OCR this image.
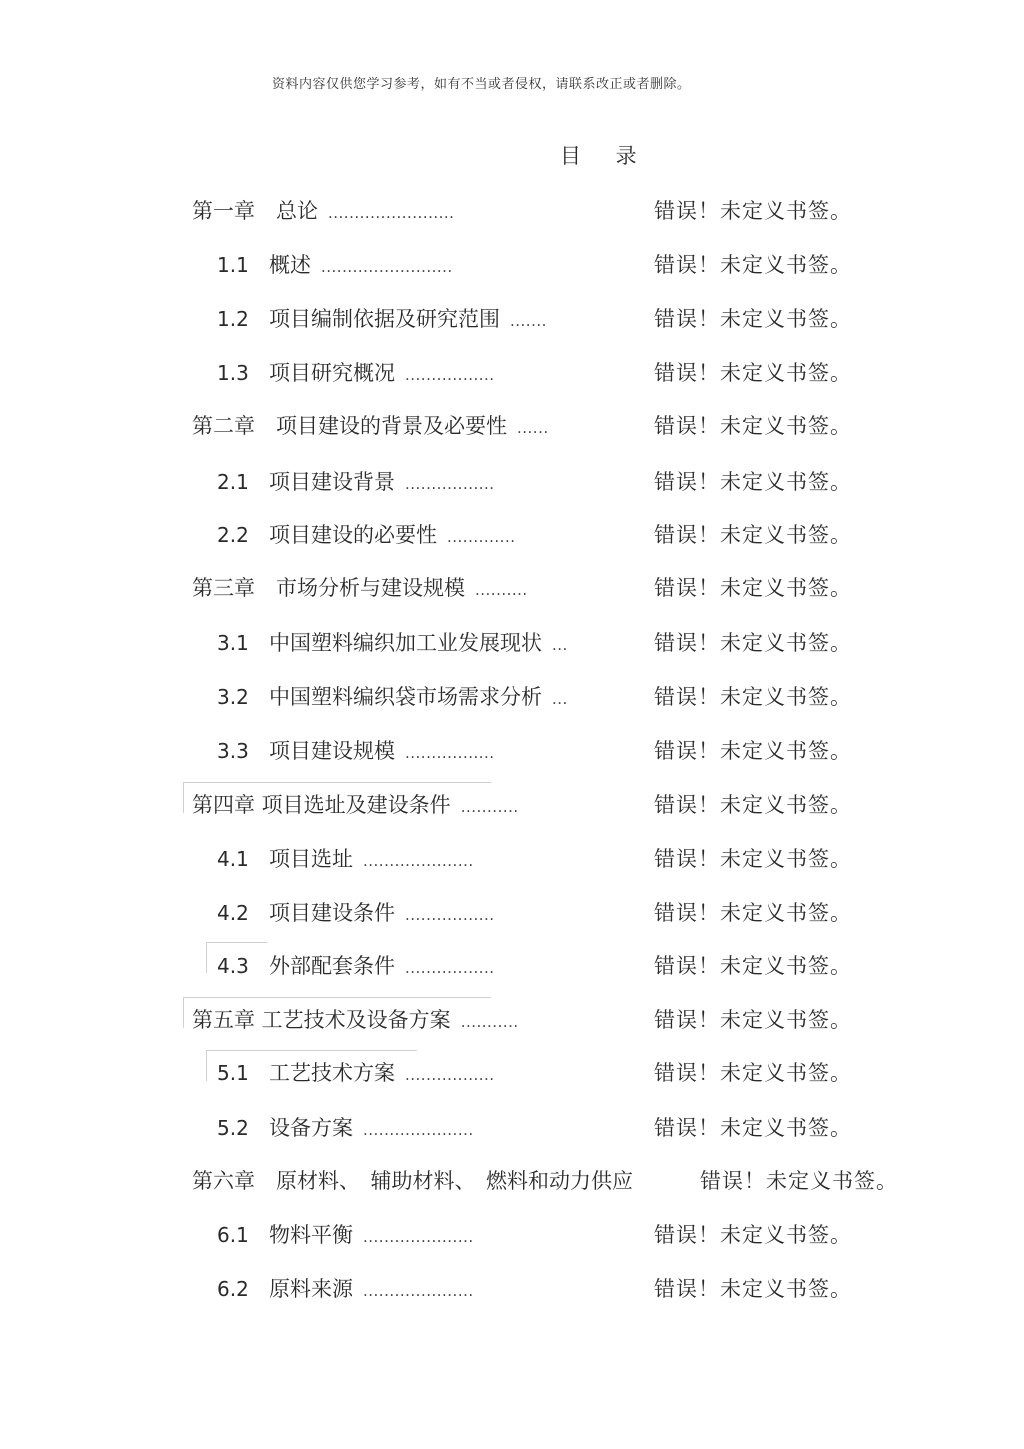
资料内容仅供您学习参考，如有不当或者侵权，请联系改正或者删除。
目 录
第一章　总论 ........................	错误！未定义书签。
1.1 概述 .........................	错误！未定义书签。
1.2 项目编制依据及研究范围 .......	错误！未定义书签。
1.3 项目研究概况 .................	错误！未定义书签。
第二章　项目建设的背景及必要性 ......	错误！未定义书签。
2.1 项目建设背景 .................	错误！未定义书签。
2.2 项目建设的必要性 .............	错误！未定义书签。
第三章　市场分析与建设规模 ..........	错误！未定义书签。
3.1 中国塑料编织加工业发展现状 ...	错误！未定义书签。
3.2 中国塑料编织袋市场需求分析 ...	错误！未定义书签。
3.3 项目建设规模 .................	错误！未定义书签。
第四章 项目选址及建设条件 ...........	错误！未定义书签。
4.1 项目选址 .....................	错误！未定义书签。
4.2 项目建设条件 .................	错误！未定义书签。
4.3 外部配套条件 .................	错误！未定义书签。
第五章 工艺技术及设备方案 ...........	错误！未定义书签。
5.1 工艺技术方案 .................	错误！未定义书签。
5.2 设备方案 .....................	错误！未定义书签。
第六章　原材料、　辅助材料、　燃料和动力供应	错误！未定义书签。
6.1 物料平衡 .....................	错误！未定义书签。
6.2 原料来源 .....................	错误！未定义书签。
